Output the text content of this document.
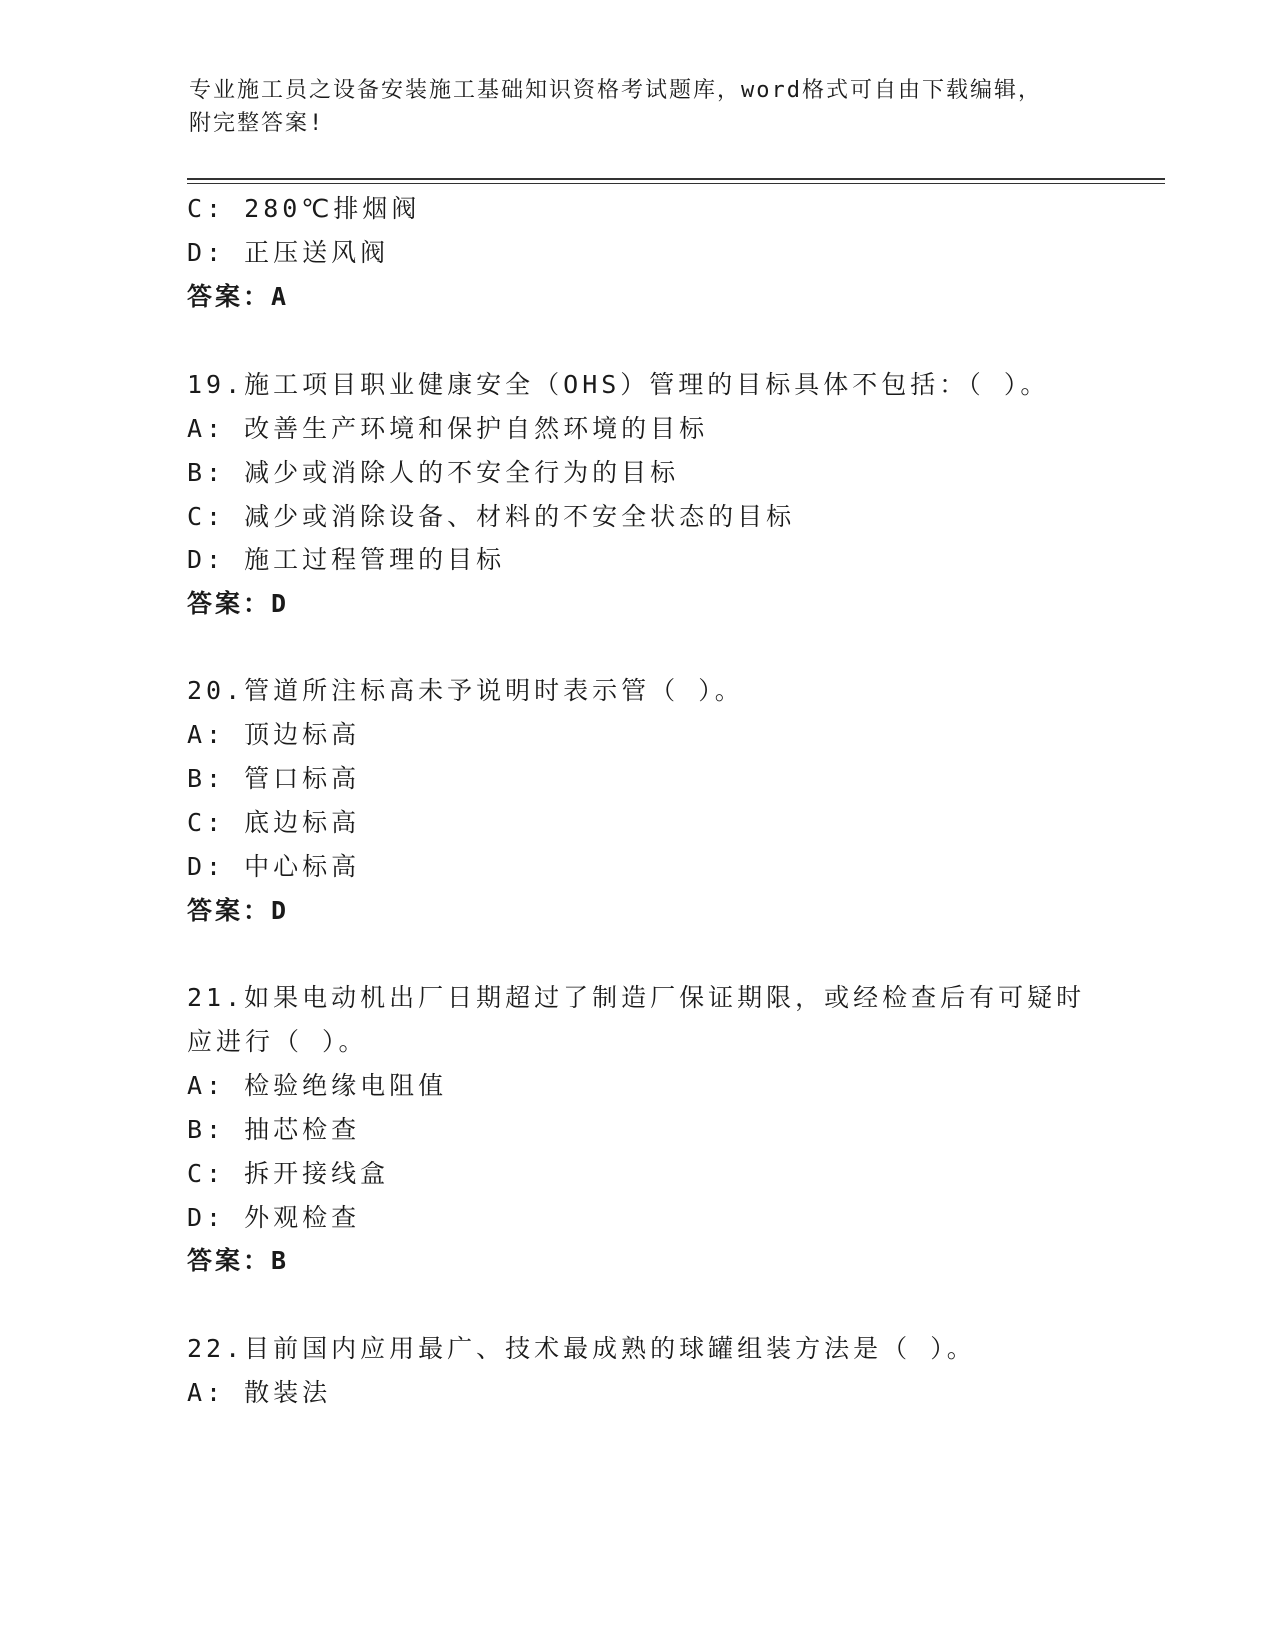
专业施工员之设备安装施工基础知识资格考试题库，word格式可自由下载编辑，
附完整答案!
C: 280℃排烟阀
D: 正压送风阀
答案：A
19.施工项目职业健康安全（OHS）管理的目标具体不包括：（ ）。
A: 改善生产环境和保护自然环境的目标
B: 减少或消除人的不安全行为的目标
C: 减少或消除设备、材料的不安全状态的目标
D: 施工过程管理的目标
答案：D
20.管道所注标高未予说明时表示管（ ）。
A: 顶边标高
B: 管口标高
C: 底边标高
D: 中心标高
答案：D
21.如果电动机出厂日期超过了制造厂保证期限，或经检查后有可疑时
应进行（ ）。
A: 检验绝缘电阻值
B: 抽芯检查
C: 拆开接线盒
D: 外观检查
答案：B
22.目前国内应用最广、技术最成熟的球罐组装方法是（ ）。
A: 散装法
